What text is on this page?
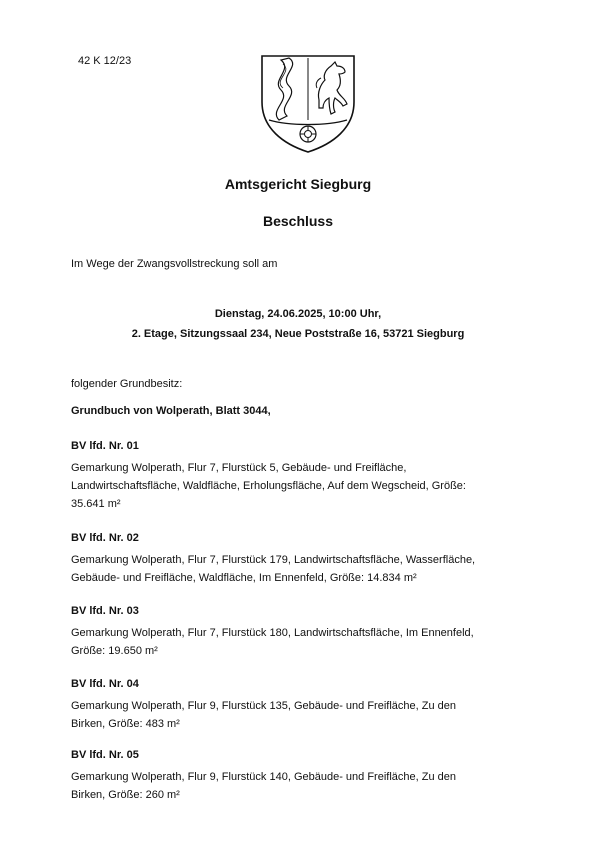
42 K 12/23
Amtsgericht Siegburg
Beschluss
Im Wege der Zwangsvollstreckung soll am
Dienstag, 24.06.2025, 10:00 Uhr,
2. Etage, Sitzungssaal 234, Neue Poststraße 16, 53721 Siegburg
folgender Grundbesitz:
Grundbuch von Wolperath, Blatt 3044,
BV lfd. Nr. 01
Gemarkung Wolperath, Flur 7, Flurstück 5, Gebäude- und Freifläche,
Landwirtschaftsfläche, Waldfläche, Erholungsfläche, Auf dem Wegscheid, Größe:
35.641 m²
BV lfd. Nr. 02
Gemarkung Wolperath, Flur 7, Flurstück 179, Landwirtschaftsfläche, Wasserfläche,
Gebäude- und Freifläche, Waldfläche, Im Ennenfeld, Größe: 14.834 m²
BV lfd. Nr. 03
Gemarkung Wolperath, Flur 7, Flurstück 180, Landwirtschaftsfläche, Im Ennenfeld,
Größe: 19.650 m²
BV lfd. Nr. 04
Gemarkung Wolperath, Flur 9, Flurstück 135, Gebäude- und Freifläche, Zu den
Birken, Größe: 483 m²
BV lfd. Nr. 05
Gemarkung Wolperath, Flur 9, Flurstück 140, Gebäude- und Freifläche, Zu den
Birken, Größe: 260 m²
